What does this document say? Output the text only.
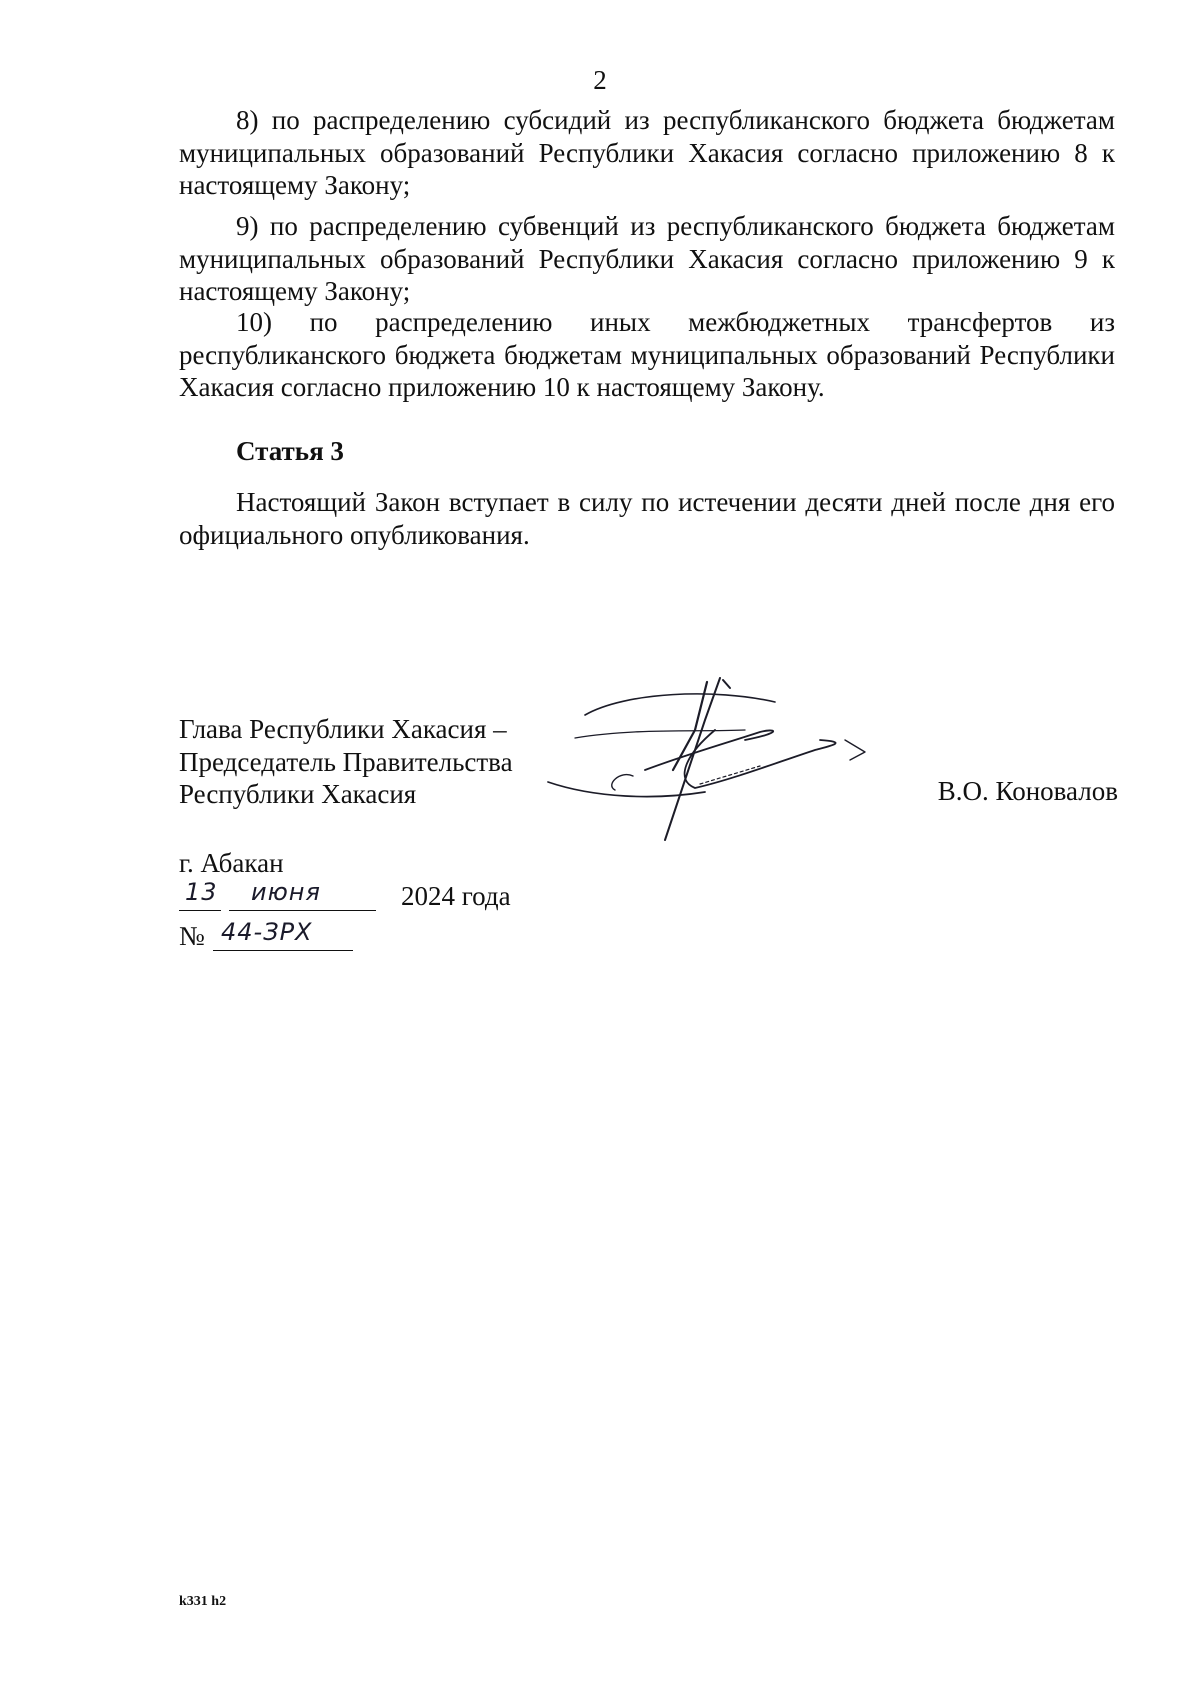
2

8) по распределению субсидий из республиканского бюджета бюджетам муниципальных образований Республики Хакасия согласно приложению 8 к настоящему Закону;

9) по распределению субвенций из республиканского бюджета бюджетам муниципальных образований Республики Хакасия согласно приложению 9 к настоящему Закону;

10) по распределению иных межбюджетных трансфертов из республиканского бюджета бюджетам муниципальных образований Республики Хакасия согласно приложению 10 к настоящему Закону.

Статья 3

Настоящий Закон вступает в силу по истечении десяти дней после дня его официального опубликования.

Глава Республики Хакасия –
Председатель Правительства
Республики Хакасия	В.О. Коновалов
г. Абакан
13 июня	2024 года
№ 44-ЗРХ
k331 h2
